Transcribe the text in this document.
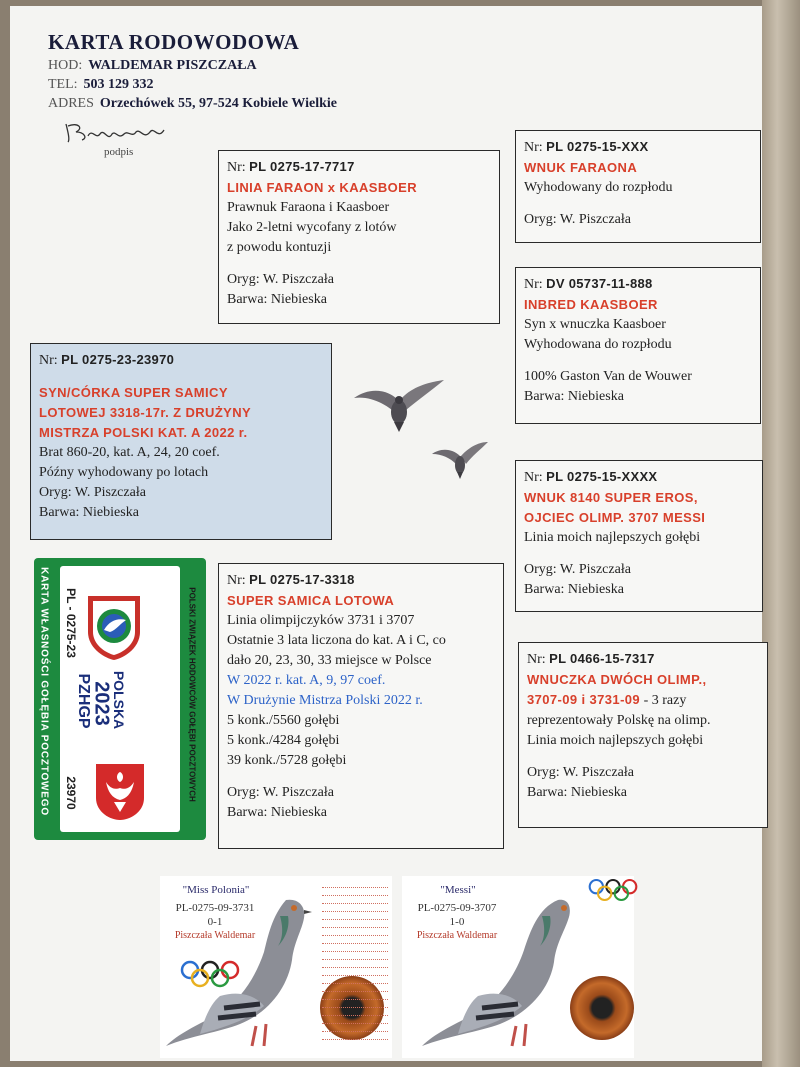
KARTA RODOWODOWA
HOD: WALDEMAR PISZCZAŁA
TEL: 503 129 332
ADRES Orzechówek 55, 97-524 Kobiele Wielkie
podpis
Nr: PL 0275-17-7717
LINIA FARAON x KAASBOER
Prawnuk Faraona i Kaasboer
Jako 2-letni wycofany z lotów
z powodu kontuzji
Oryg: W. Piszczała
Barwa: Niebieska
Nr: PL 0275-15-XXX
WNUK FARAONA
Wyhodowany do rozpłodu
Oryg: W. Piszczała
Nr: DV 05737-11-888
INBRED KAASBOER
Syn x wnuczka Kaasboer
Wyhodowana do rozpłodu
100% Gaston Van de Wouwer
Barwa: Niebieska
Nr: PL 0275-23-23970
SYN/CÓRKA SUPER SAMICY
LOTOWEJ 3318-17r. Z DRUŻYNY
MISTRZA POLSKI KAT. A 2022 r.
Brat 860-20, kat. A, 24, 20 coef.
Późny wyhodowany po lotach
Oryg: W. Piszczała
Barwa: Niebieska
Nr: PL 0275-15-XXXX
WNUK 8140 SUPER EROS,
OJCIEC OLIMP. 3707 MESSI
Linia moich najlepszych gołębi
Oryg: W. Piszczała
Barwa: Niebieska
Nr: PL 0275-17-3318
SUPER SAMICA LOTOWA
Linia olimpijczyków 3731 i 3707
Ostatnie 3 lata liczona do kat. A i C, co
dało 20, 23, 30, 33 miejsce w Polsce
W 2022 r. kat. A, 9, 97 coef.
W Drużynie Mistrza Polski 2022 r.
5 konk./5560 gołębi
5 konk./4284 gołębi
39 konk./5728 gołębi
Oryg: W. Piszczała
Barwa: Niebieska
Nr: PL 0466-15-7317
WNUCZKA DWÓCH OLIMP.,
3707-09 i 3731-09 - 3 razy
reprezentowały Polskę na olimp.
Linia moich najlepszych gołębi
Oryg: W. Piszczała
Barwa: Niebieska
KARTA WŁASNOŚCI GOŁĘBIA POCZTOWEGO PL - 0275-23
23970
POLSKA
2023
PZHGP	POLSKI ZWIĄZEK HODOWCÓW GOŁĘBI POCZTOWYCH
"Miss Polonia"
PL-0275-09-3731
0-1
Piszczała Waldemar
"Messi"
PL-0275-09-3707
1-0
Piszczała Waldemar
